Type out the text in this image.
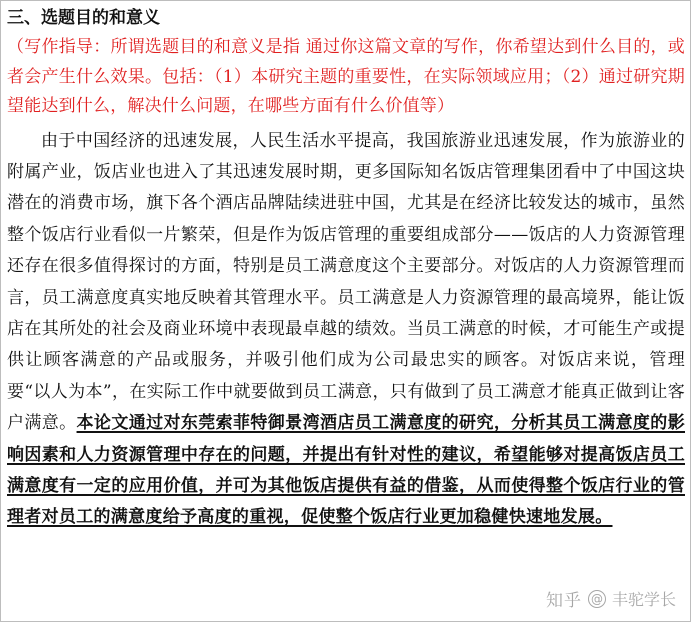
三、选题目的和意义

（写作指导：所谓选题目的和意义是指 通过你这篇文章的写作，你希望达到什么目的，或者会产生什么效果。包括：（1）本研究主题的重要性，在实际领域应用；（2）通过研究期望能达到什么，解决什么问题，在哪些方面有什么价值等）

由于中国经济的迅速发展，人民生活水平提高，我国旅游业迅速发展，作为旅游业的附属产业，饭店业也进入了其迅速发展时期，更多国际知名饭店管理集团看中了中国这块潜在的消费市场，旗下各个酒店品牌陆续进驻中国，尤其是在经济比较发达的城市，虽然整个饭店行业看似一片繁荣，但是作为饭店管理的重要组成部分——饭店的人力资源管理还存在很多值得探讨的方面，特别是员工满意度这个主要部分。对饭店的人力资源管理而言，员工满意度真实地反映着其管理水平。员工满意是人力资源管理的最高境界，能让饭店在其所处的社会及商业环境中表现最卓越的绩效。当员工满意的时候，才可能生产或提供让顾客满意的产品或服务，并吸引他们成为公司最忠实的顾客。对饭店来说，管理要“以人为本”，在实际工作中就要做到员工满意，只有做到了员工满意才能真正做到让客户满意。本论文通过对东莞索菲特御景湾酒店员工满意度的研究，分析其员工满意度的影响因素和人力资源管理中存在的问题，并提出有针对性的建议，希望能够对提高饭店员工满意度有一定的应用价值，并可为其他饭店提供有益的借鉴，从而使得整个饭店行业的管理者对员工的满意度给予高度的重视，促使整个饭店行业更加稳健快速地发展。

知乎 @ 丰驼学长
